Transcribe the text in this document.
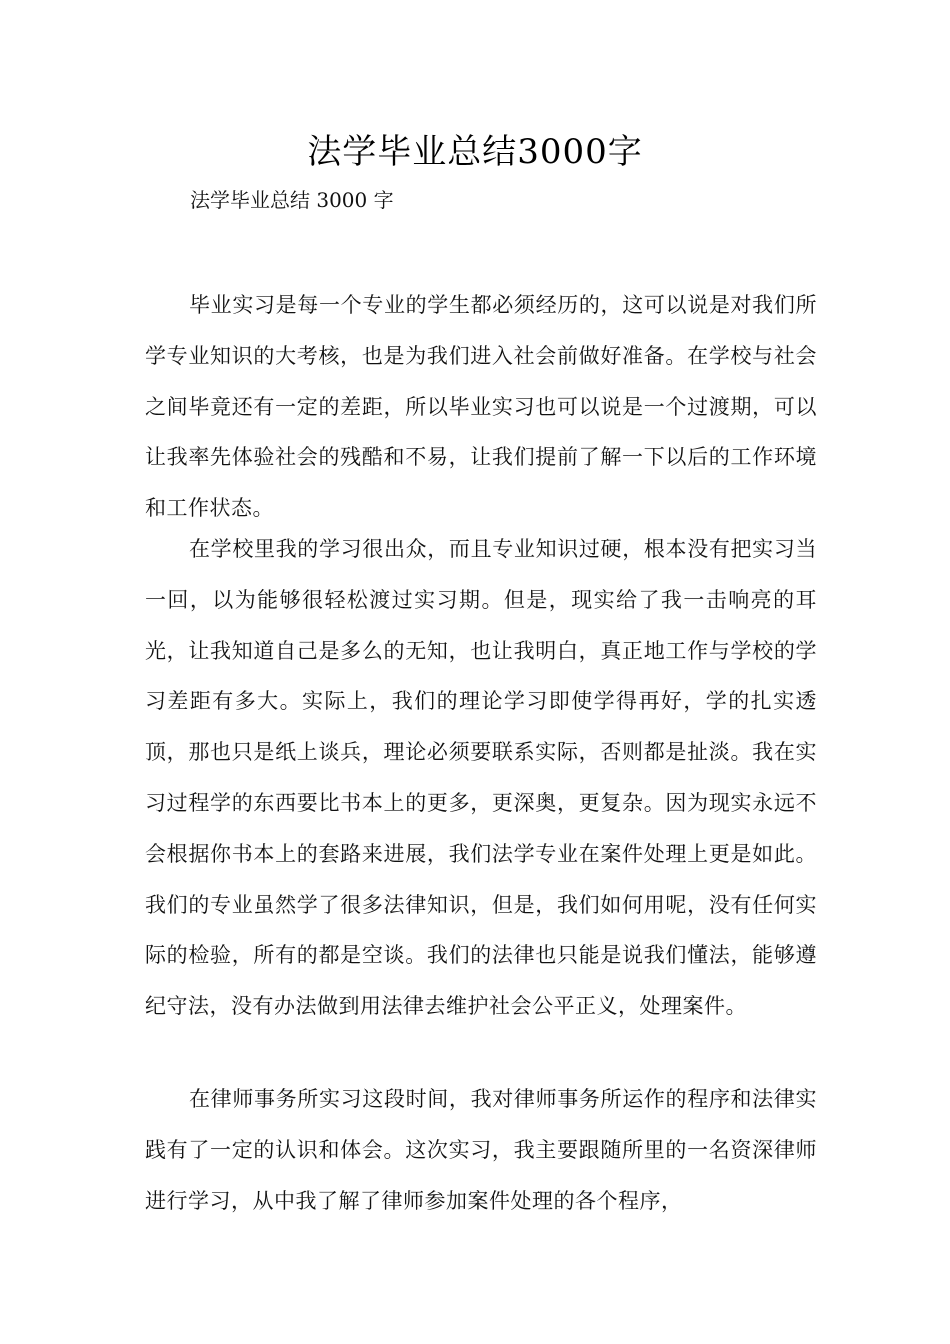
法学毕业总结3000字
法学毕业总结 3000 字

毕业实习是每一个专业的学生都必须经历的，这可以说是对我们所学专业知识的大考核，也是为我们进入社会前做好准备。在学校与社会之间毕竟还有一定的差距，所以毕业实习也可以说是一个过渡期，可以让我率先体验社会的残酷和不易，让我们提前了解一下以后的工作环境和工作状态。

在学校里我的学习很出众，而且专业知识过硬，根本没有把实习当一回，以为能够很轻松渡过实习期。但是，现实给了我一击响亮的耳光，让我知道自己是多么的无知，也让我明白，真正地工作与学校的学习差距有多大。实际上，我们的理论学习即使学得再好，学的扎实透顶，那也只是纸上谈兵，理论必须要联系实际，否则都是扯淡。我在实习过程学的东西要比书本上的更多，更深奥，更复杂。因为现实永远不会根据你书本上的套路来进展，我们法学专业在案件处理上更是如此。我们的专业虽然学了很多法律知识，但是，我们如何用呢，没有任何实际的检验，所有的都是空谈。我们的法律也只能是说我们懂法，能够遵纪守法，没有办法做到用法律去维护社会公平正义，处理案件。

在律师事务所实习这段时间，我对律师事务所运作的程序和法律实践有了一定的认识和体会。这次实习，我主要跟随所里的一名资深律师进行学习，从中我了解了律师参加案件处理的各个程序，
